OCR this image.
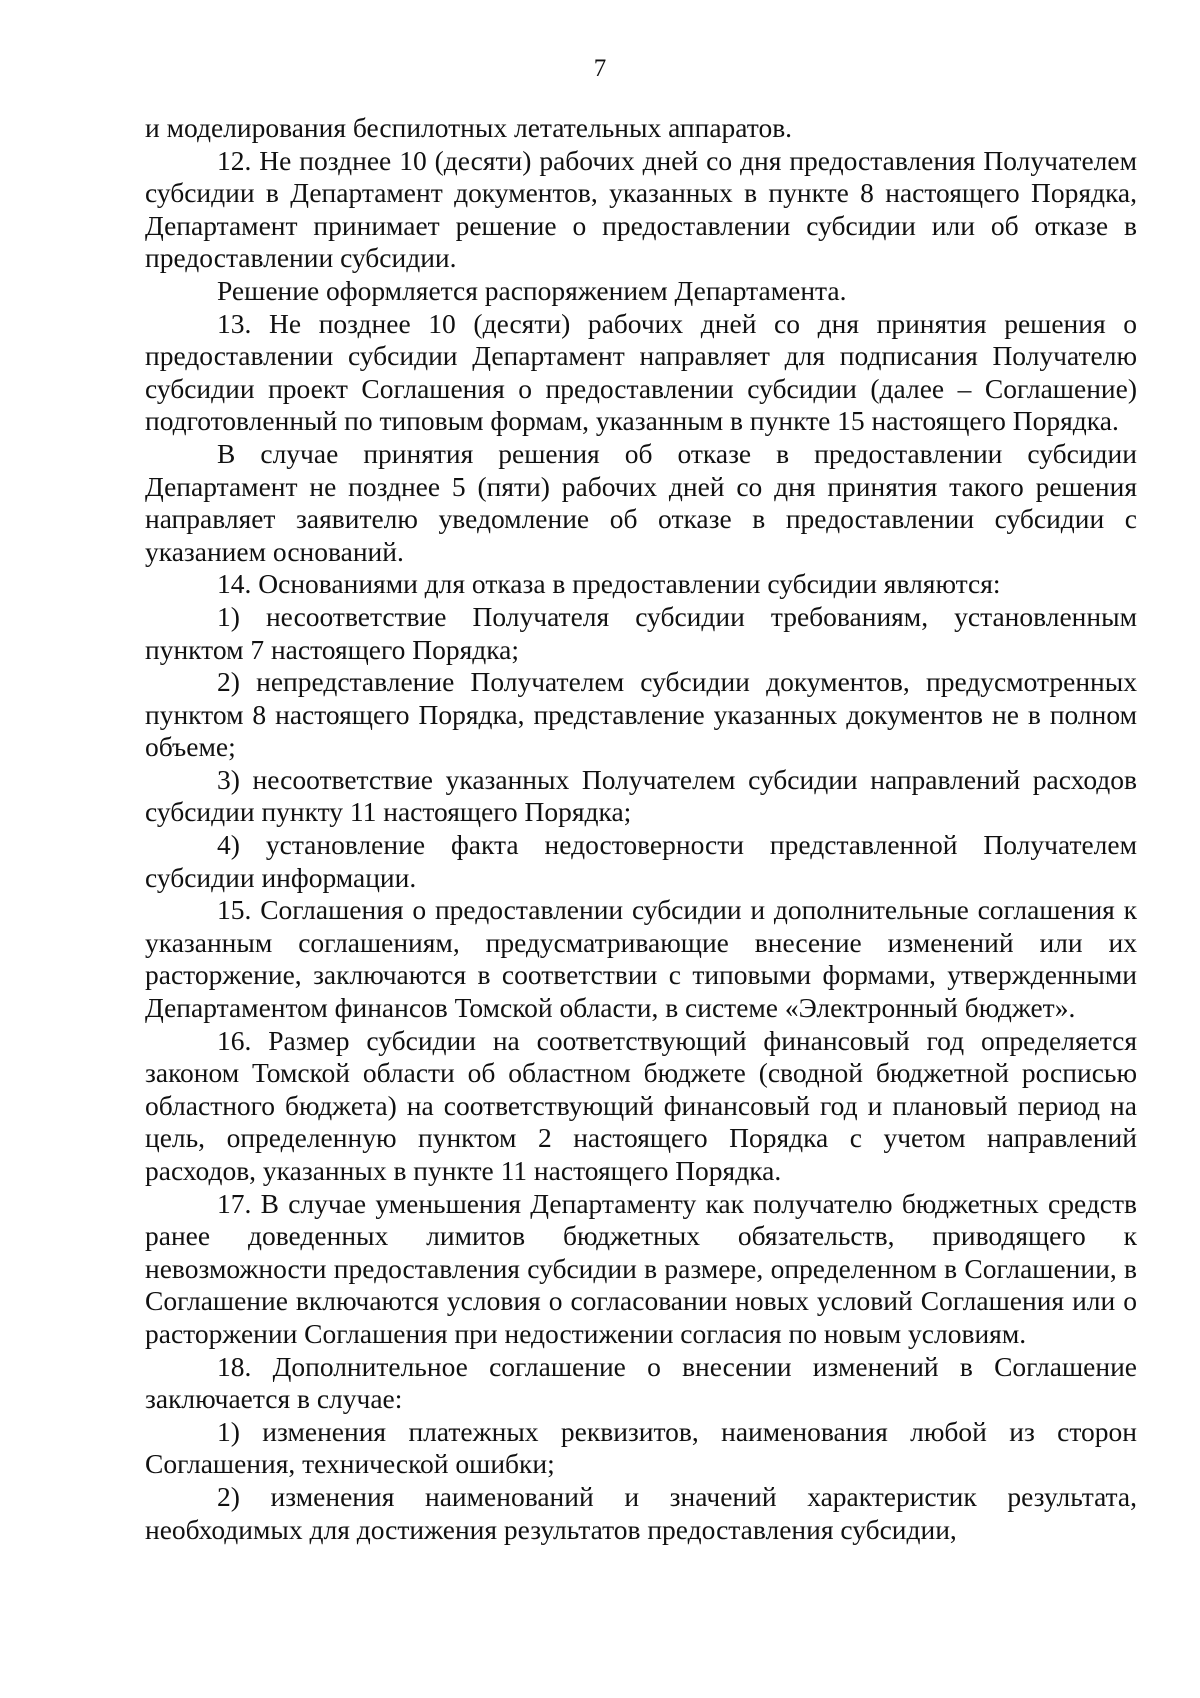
7

и моделирования беспилотных летательных аппаратов.

12. Не позднее 10 (десяти) рабочих дней со дня предоставления Получателем субсидии в Департамент документов, указанных в пункте 8 настоящего Порядка, Департамент принимает решение о предоставлении субсидии или об отказе в предоставлении субсидии.

Решение оформляется распоряжением Департамента.

13. Не позднее 10 (десяти) рабочих дней со дня принятия решения о предоставлении субсидии Департамент направляет для подписания Получателю субсидии проект Соглашения о предоставлении субсидии (далее – Соглашение) подготовленный по типовым формам, указанным в пункте 15 настоящего Порядка.

В случае принятия решения об отказе в предоставлении субсидии Департамент не позднее 5 (пяти) рабочих дней со дня принятия такого решения направляет заявителю уведомление об отказе в предоставлении субсидии с указанием оснований.

14. Основаниями для отказа в предоставлении субсидии являются:

1) несоответствие Получателя субсидии требованиям, установленным пунктом 7 настоящего Порядка;

2) непредставление Получателем субсидии документов, предусмотренных пунктом 8 настоящего Порядка, представление указанных документов не в полном объеме;

3) несоответствие указанных Получателем субсидии направлений расходов субсидии пункту 11 настоящего Порядка;

4) установление факта недостоверности представленной Получателем субсидии информации.

15. Соглашения о предоставлении субсидии и дополнительные соглашения к указанным соглашениям, предусматривающие внесение изменений или их расторжение, заключаются в соответствии с типовыми формами, утвержденными Департаментом финансов Томской области, в системе «Электронный бюджет».

16. Размер субсидии на соответствующий финансовый год определяется законом Томской области об областном бюджете (сводной бюджетной росписью областного бюджета) на соответствующий финансовый год и плановый период на цель, определенную пунктом 2 настоящего Порядка с учетом направлений расходов, указанных в пункте 11 настоящего Порядка.

17. В случае уменьшения Департаменту как получателю бюджетных средств ранее доведенных лимитов бюджетных обязательств, приводящего к невозможности предоставления субсидии в размере, определенном в Соглашении, в Соглашение включаются условия о согласовании новых условий Соглашения или о расторжении Соглашения при недостижении согласия по новым условиям.

18. Дополнительное соглашение о внесении изменений в Соглашение заключается в случае:

1) изменения платежных реквизитов, наименования любой из сторон Соглашения, технической ошибки;

2) изменения наименований и значений характеристик результата, необходимых для достижения результатов предоставления субсидии,
